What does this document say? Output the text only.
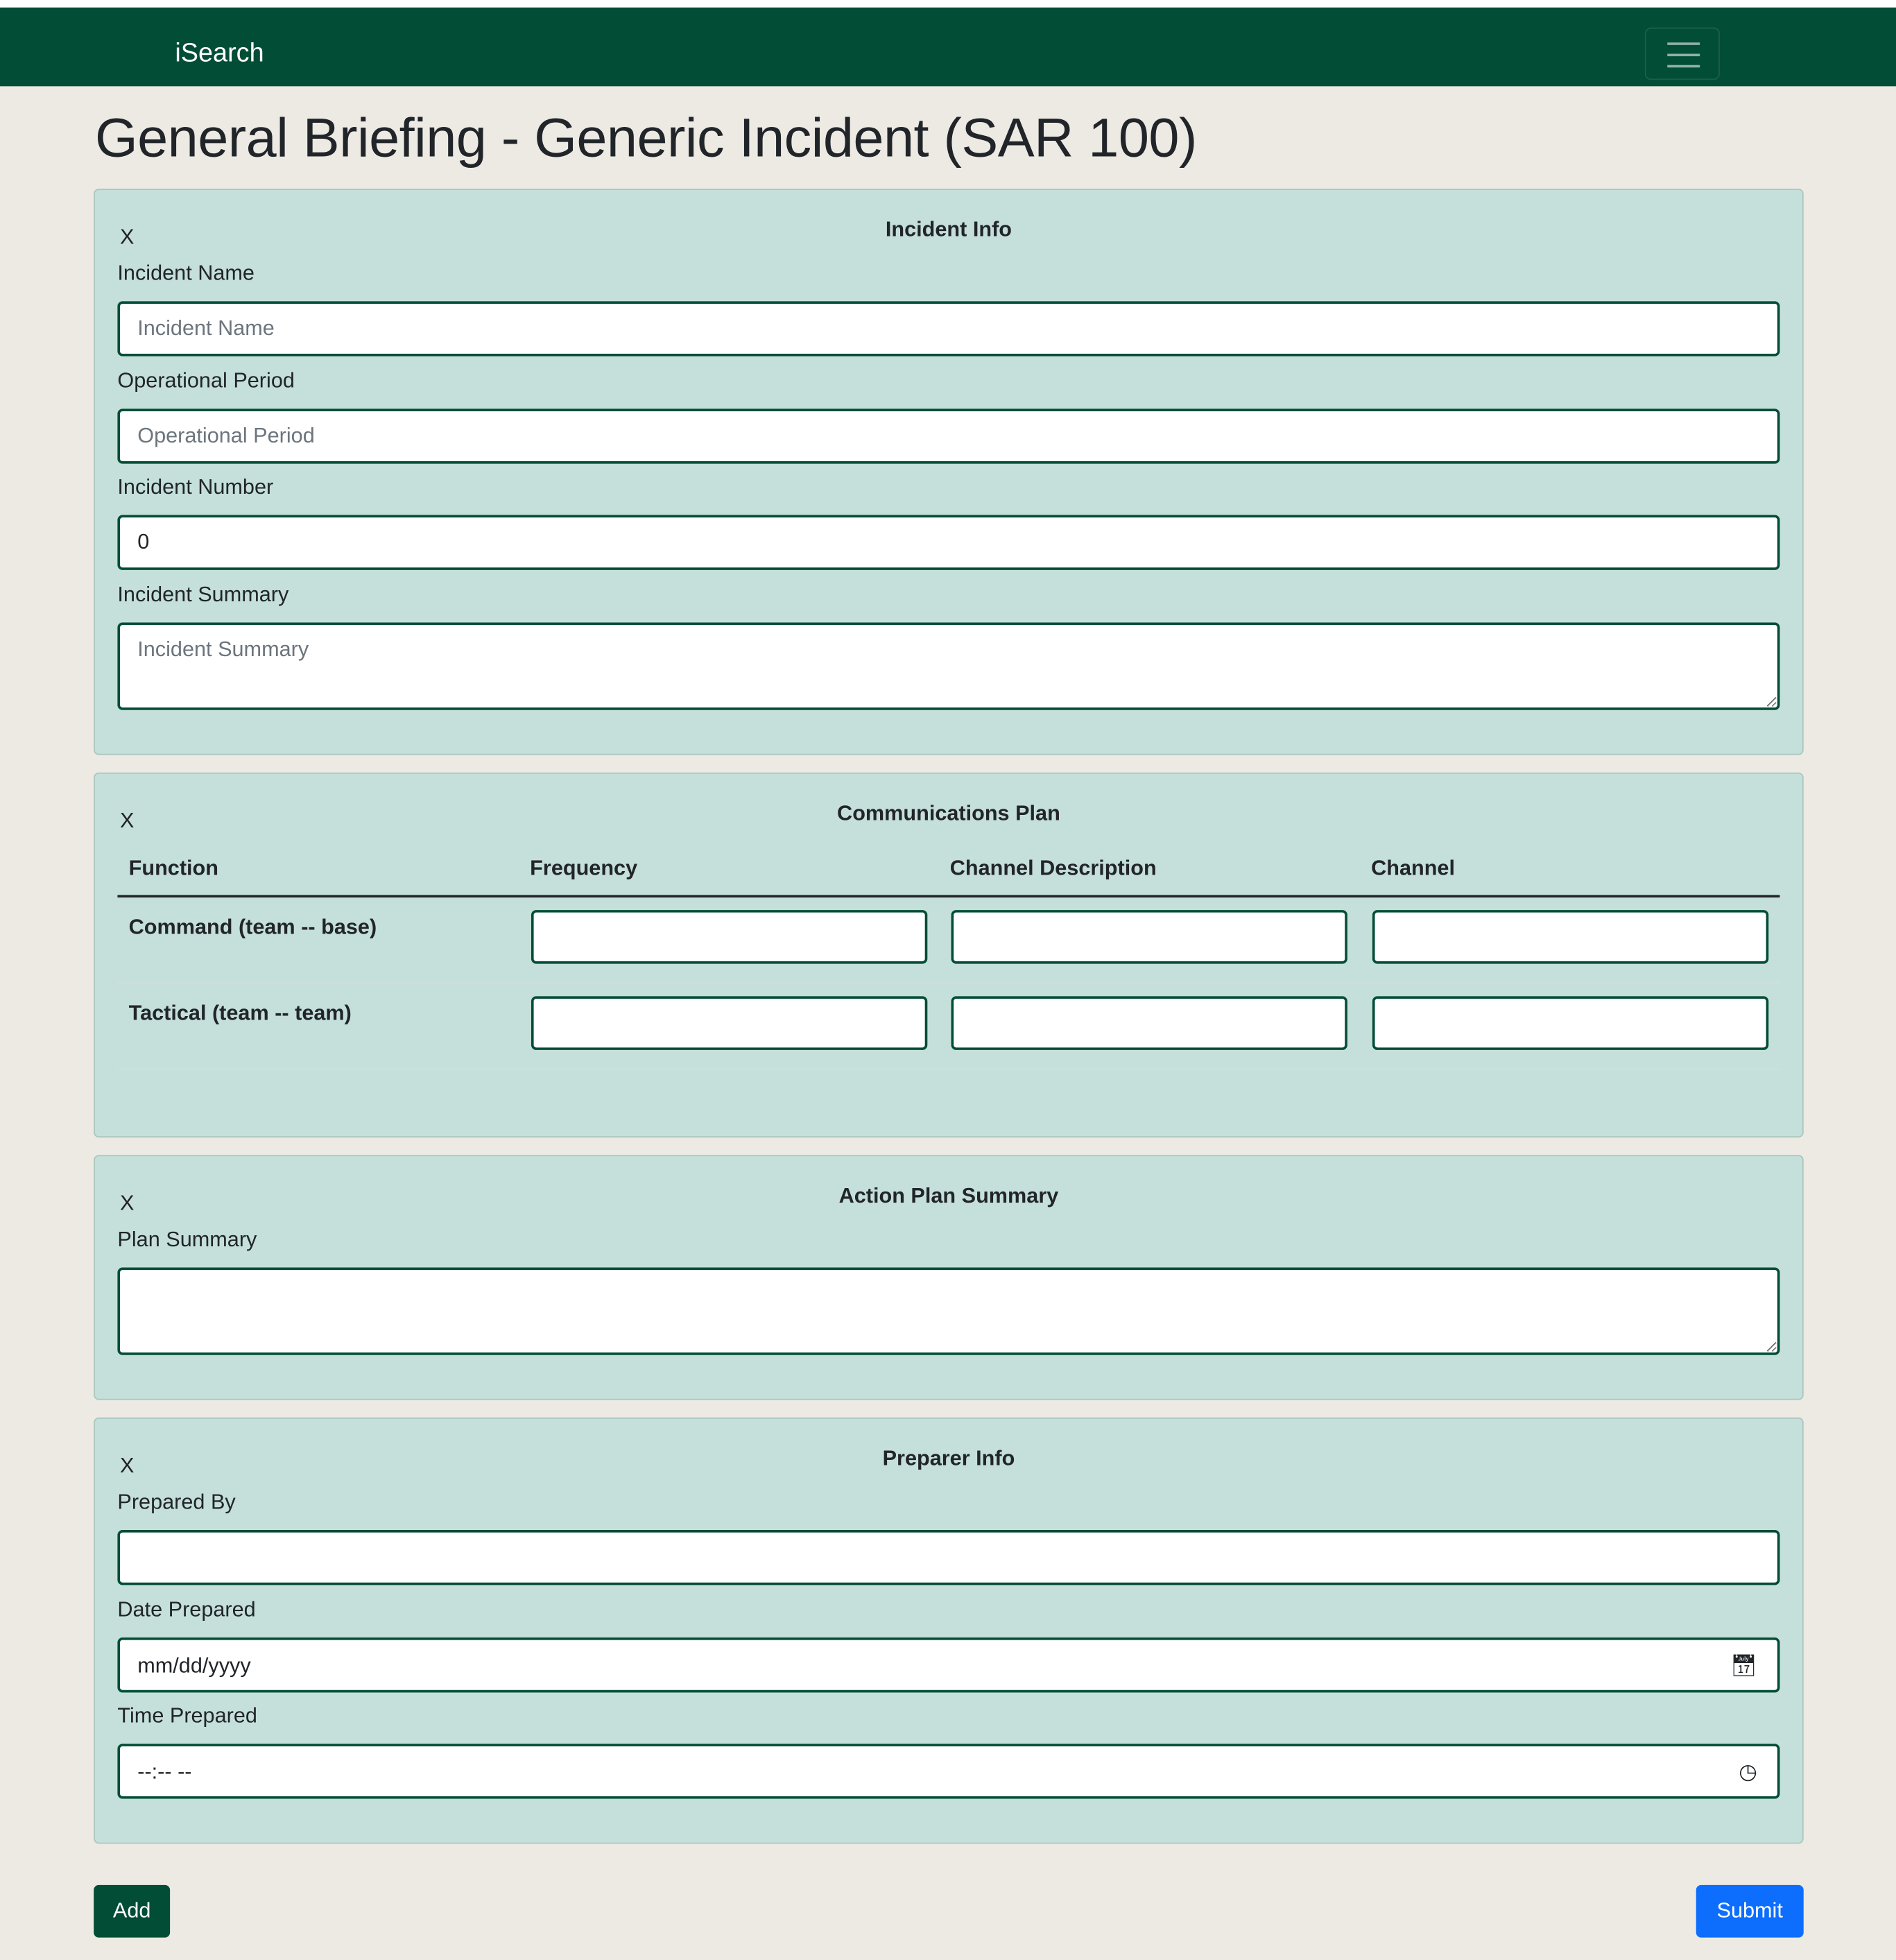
iSearch
General Briefing - Generic Incident (SAR 100)
X	Incident Info
Incident Name
Incident Name
Operational Period
Operational Period
Incident Number
0
Incident Summary
Incident Summary
X	Communications Plan
Function	Frequency	Channel Description	Channel
Command (team -- base)
Tactical (team -- team)
X	Action Plan Summary
Plan Summary
X	Preparer Info
Prepared By
Date Prepared
mm/dd/yyyy	📅︎
Time Prepared
--:-- --	◷
Add	Submit
